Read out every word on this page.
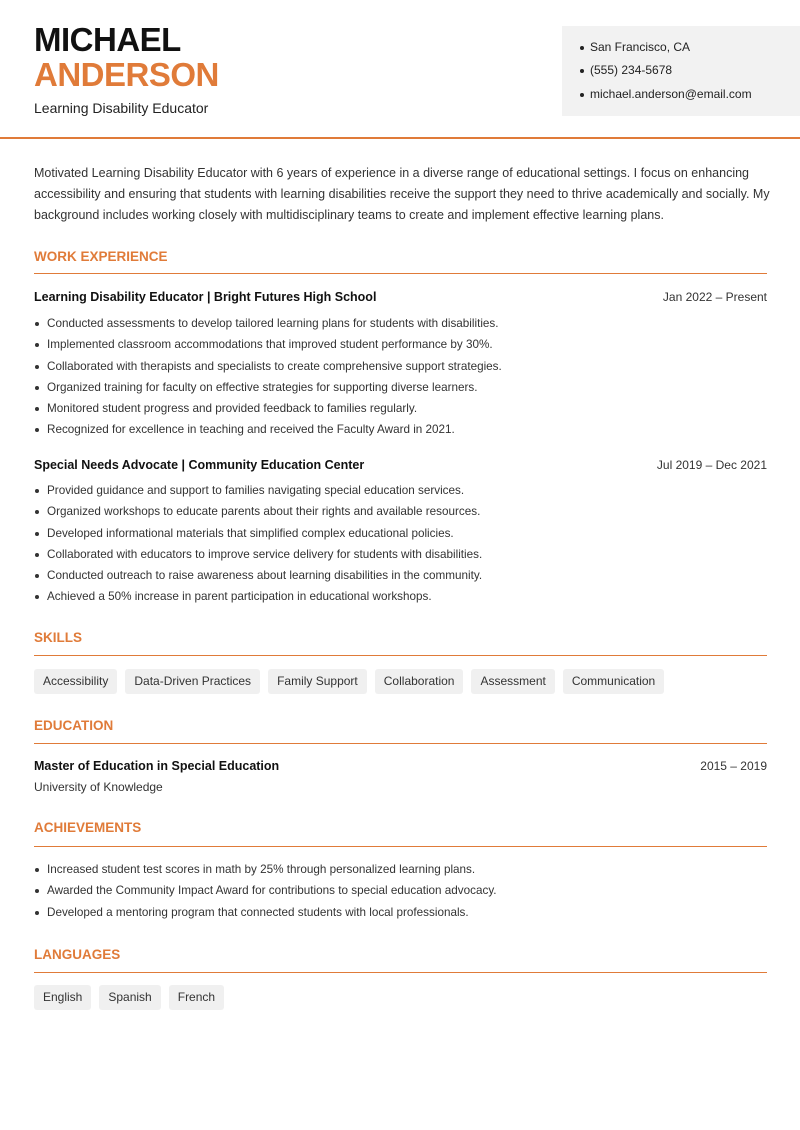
MICHAEL
ANDERSON
Learning Disability Educator
San Francisco, CA
(555) 234-5678
michael.anderson@email.com
Motivated Learning Disability Educator with 6 years of experience in a diverse range of educational settings. I focus on enhancing accessibility and ensuring that students with learning disabilities receive the support they need to thrive academically and socially. My background includes working closely with multidisciplinary teams to create and implement effective learning plans.
WORK EXPERIENCE
Learning Disability Educator | Bright Futures High School	Jan 2022 – Present
Conducted assessments to develop tailored learning plans for students with disabilities.
Implemented classroom accommodations that improved student performance by 30%.
Collaborated with therapists and specialists to create comprehensive support strategies.
Organized training for faculty on effective strategies for supporting diverse learners.
Monitored student progress and provided feedback to families regularly.
Recognized for excellence in teaching and received the Faculty Award in 2021.
Special Needs Advocate | Community Education Center	Jul 2019 – Dec 2021
Provided guidance and support to families navigating special education services.
Organized workshops to educate parents about their rights and available resources.
Developed informational materials that simplified complex educational policies.
Collaborated with educators to improve service delivery for students with disabilities.
Conducted outreach to raise awareness about learning disabilities in the community.
Achieved a 50% increase in parent participation in educational workshops.
SKILLS
Accessibility	Data-Driven Practices	Family Support	Collaboration	Assessment	Communication
EDUCATION
Master of Education in Special Education	2015 – 2019
University of Knowledge
ACHIEVEMENTS
Increased student test scores in math by 25% through personalized learning plans.
Awarded the Community Impact Award for contributions to special education advocacy.
Developed a mentoring program that connected students with local professionals.
LANGUAGES
English	Spanish	French
